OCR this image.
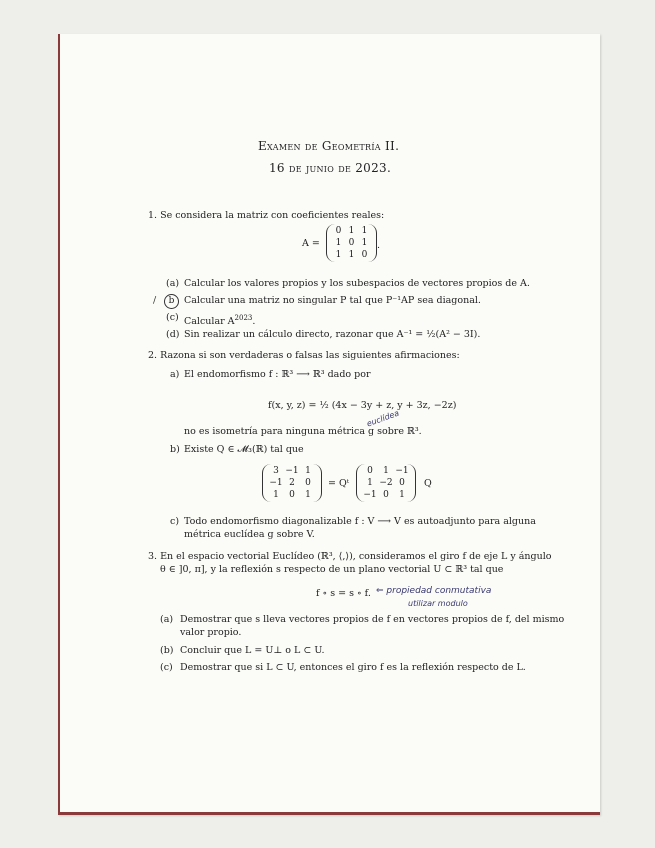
Examen de Geometría II.
16 de junio de 2023.
1. Se considera la matriz con coeficientes reales:
A =
0 1 1
1 0 1
1 1 0
.
(a) Calcular los valores propios y los subespacios de vectores propios de A.
/	b	Calcular una matriz no singular P tal que P⁻¹AP sea diagonal.
(c) Calcular $A^{2023}$.
(d) Sin realizar un cálculo directo, razonar que A⁻¹ = ½(A² − 3I).
2. Razona si son verdaderas o falsas las siguientes afirmaciones:
a) El endomorfismo f : ℝ³ ⟶ ℝ³ dado por
f(x, y, z) = ½ (4x − 3y + z, y + 3z, −2z)
euclídea
no es isometría para ninguna métrica g sobre ℝ³.
b) Existe Q ∈ 𝓜₃(ℝ) tal que
3 −1 1
−1 2	0
1	0	1
= Qᵗ
0	1 −1
1 −2 0
−1 0	1
Q
c) Todo endomorfismo diagonalizable f : V ⟶ V es autoadjunto para alguna
métrica euclídea g sobre V.
3. En el espacio vectorial Euclídeo (ℝ³, ⟨,⟩), consideramos el giro f de eje L y ángulo
θ ∈ ]0, π], y la reflexión s respecto de un plano vectorial U ⊂ ℝ³ tal que
f ∘ s = s ∘ f. ⇐ propiedad conmutativa
utilizar modulo
(a) Demostrar que s lleva vectores propios de f en vectores propios de f, del mismo
valor propio.
(b) Concluir que L = U⊥ o L ⊂ U.
(c) Demostrar que si L ⊂ U, entonces el giro f es la reflexión respecto de L.
